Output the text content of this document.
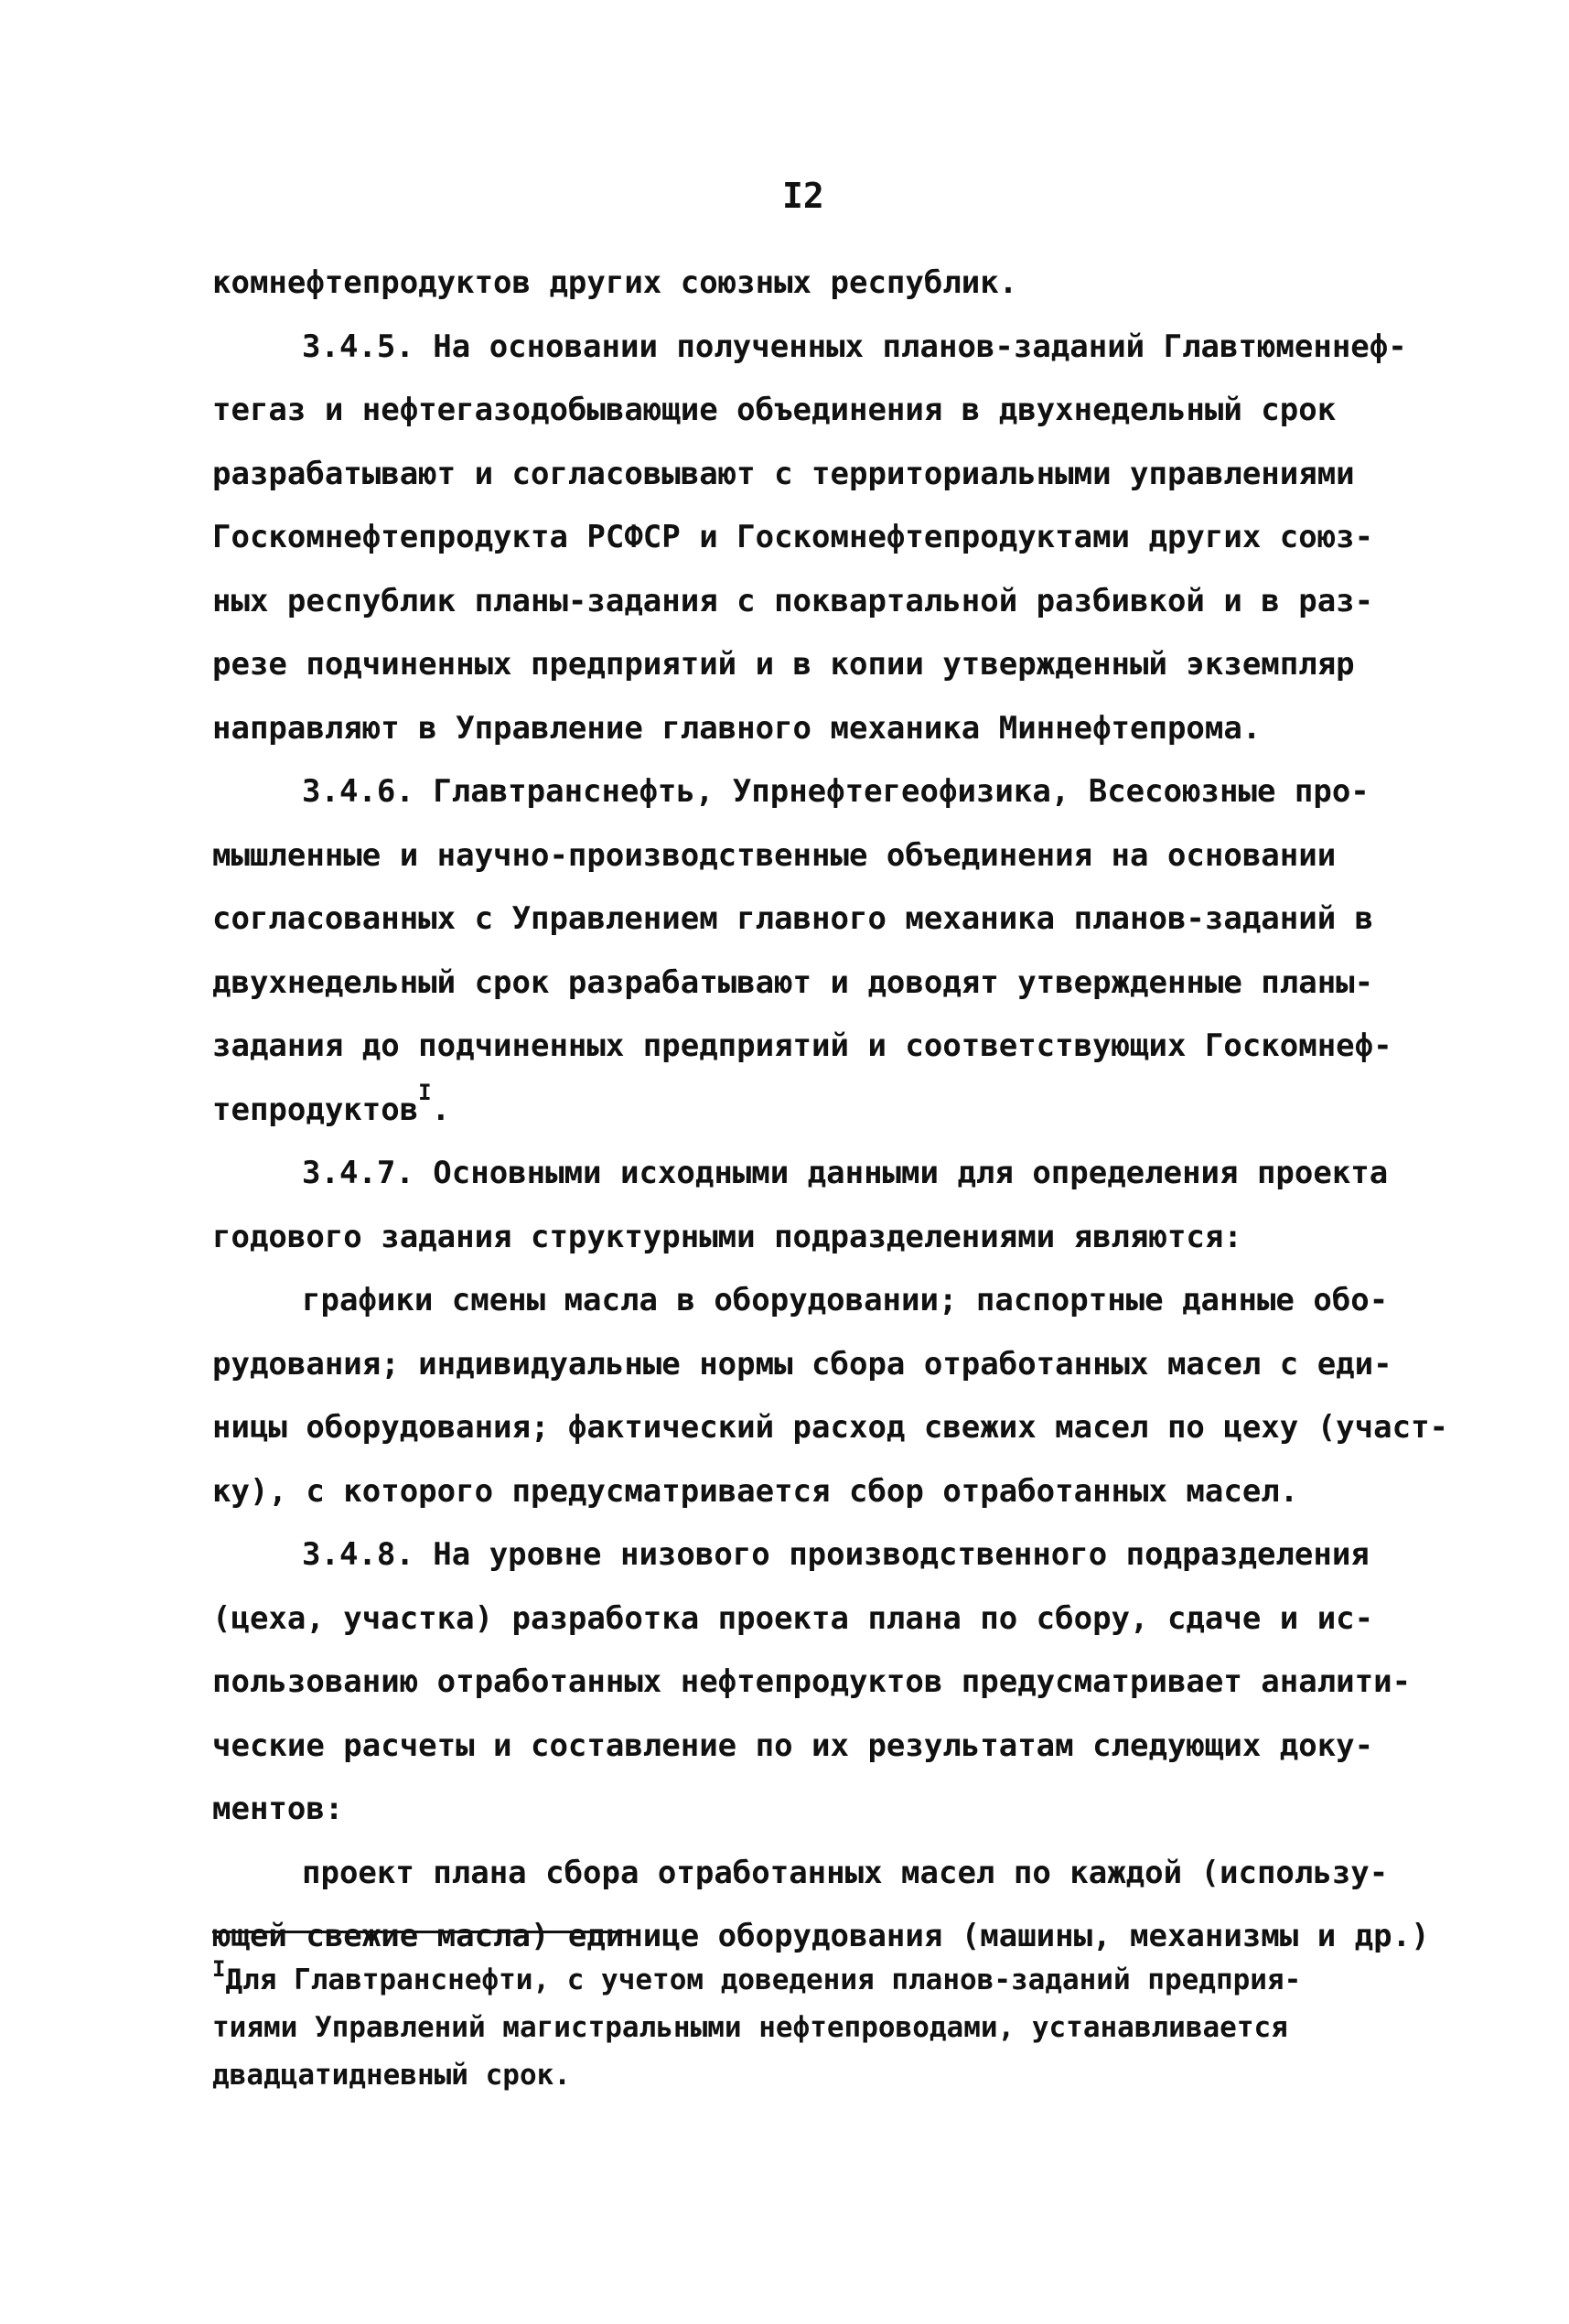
I2
комнефтепродуктов других союзных республик.
3.4.5. На основании полученных планов-заданий Главтюменнеф-
тегаз и нефтегазодобывающие объединения в двухнедельный срок
разрабатывают и согласовывают с территориальными управлениями
Госкомнефтепродукта РСФСР и Госкомнефтепродуктами других союз-
ных республик планы-задания с поквартальной разбивкой и в раз-
резе подчиненных предприятий и в копии утвержденный экземпляр
направляют в Управление главного механика Миннефтепрома.
3.4.6. Главтранснефть, Упрнефтегеофизика, Всесоюзные про-
мышленные и научно-производственные объединения на основании
согласованных с Управлением главного механика планов-заданий в
двухнедельный срок разрабатывают и доводят утвержденные планы-
задания до подчиненных предприятий и соответствующих Госкомнеф-
тепродуктов$^I$.
3.4.7. Основными исходными данными для определения проекта
годового задания структурными подразделениями являются:
графики смены масла в оборудовании; паспортные данные обо-
рудования; индивидуальные нормы сбора отработанных масел с еди-
ницы оборудования; фактический расход свежих масел по цеху (участ-
ку), с которого предусматривается сбор отработанных масел.
3.4.8. На уровне низового производственного подразделения
(цеха, участка) разработка проекта плана по сбору, сдаче и ис-
пользованию отработанных нефтепродуктов предусматривает аналити-
ческие расчеты и составление по их результатам следующих доку-
ментов:
проект плана сбора отработанных масел по каждой (использу-
ющей свежие масла) единице оборудования (машины, механизмы и др.)
$^I$Для Главтранснефти, с учетом доведения планов-заданий предприя-
тиями Управлений магистральными нефтепроводами, устанавливается
двадцатидневный срок.
